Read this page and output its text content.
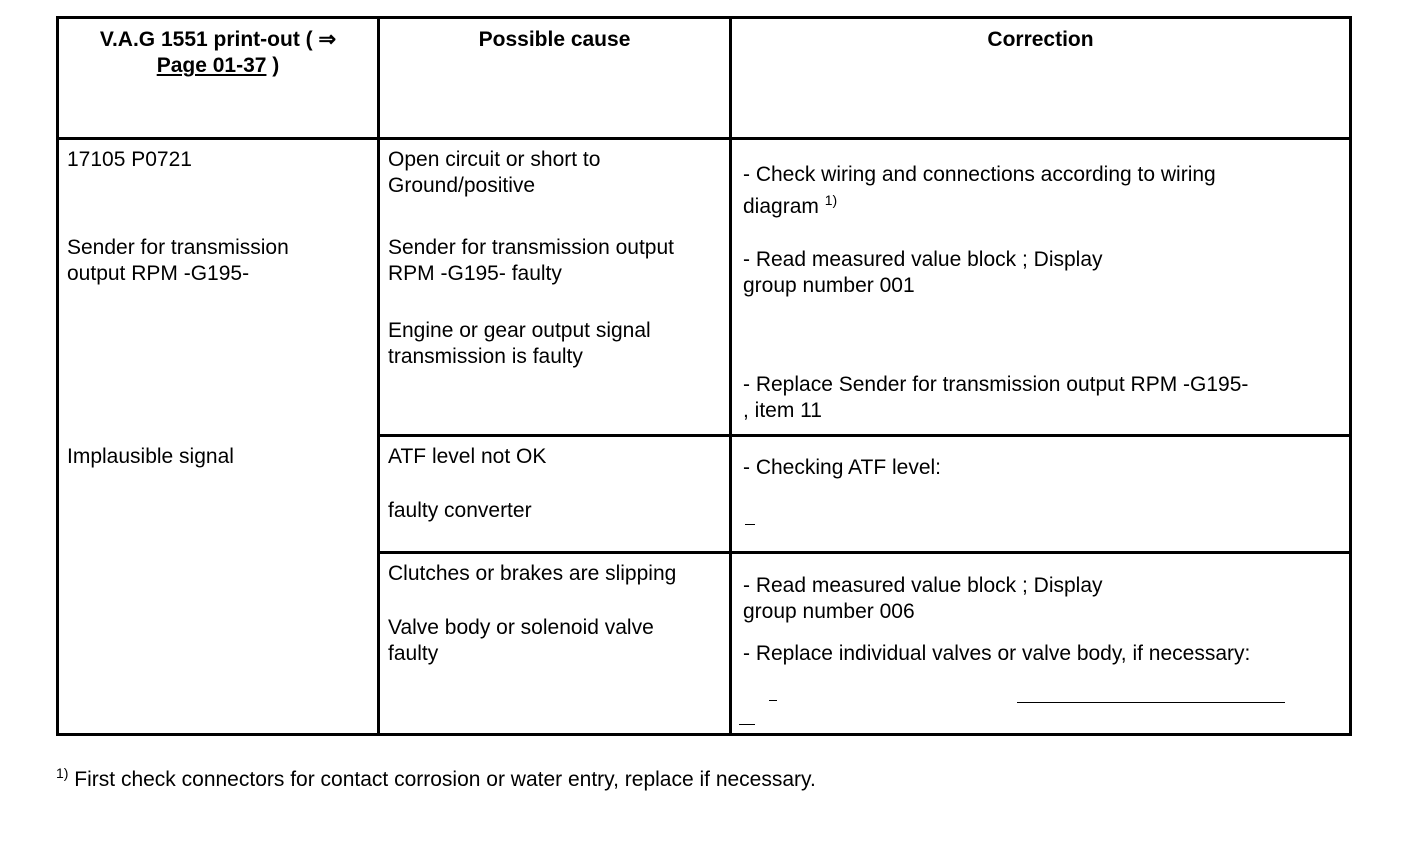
V.A.G 1551 print-out ( ⇒
Page 01-37 )
Possible cause	Correction
17105 P0721
Sender for transmission
output RPM -G195-
Implausible signal
Open circuit or short to
Ground/positive
Sender for transmission output
RPM -G195- faulty
Engine or gear output signal
transmission is faulty
ATF level not OK
faulty converter
Clutches or brakes are slipping
Valve body or solenoid valve
faulty
- Check wiring and connections according to wiring
diagram $^{1)}$
- Read measured value block ; Display
group number 001
- Replace Sender for transmission output RPM -G195-
, item 11
- Checking ATF level:
- Read measured value block ; Display
group number 006
- Replace individual valves or valve body, if necessary:
$^{1)}$ First check connectors for contact corrosion or water entry, replace if necessary.
